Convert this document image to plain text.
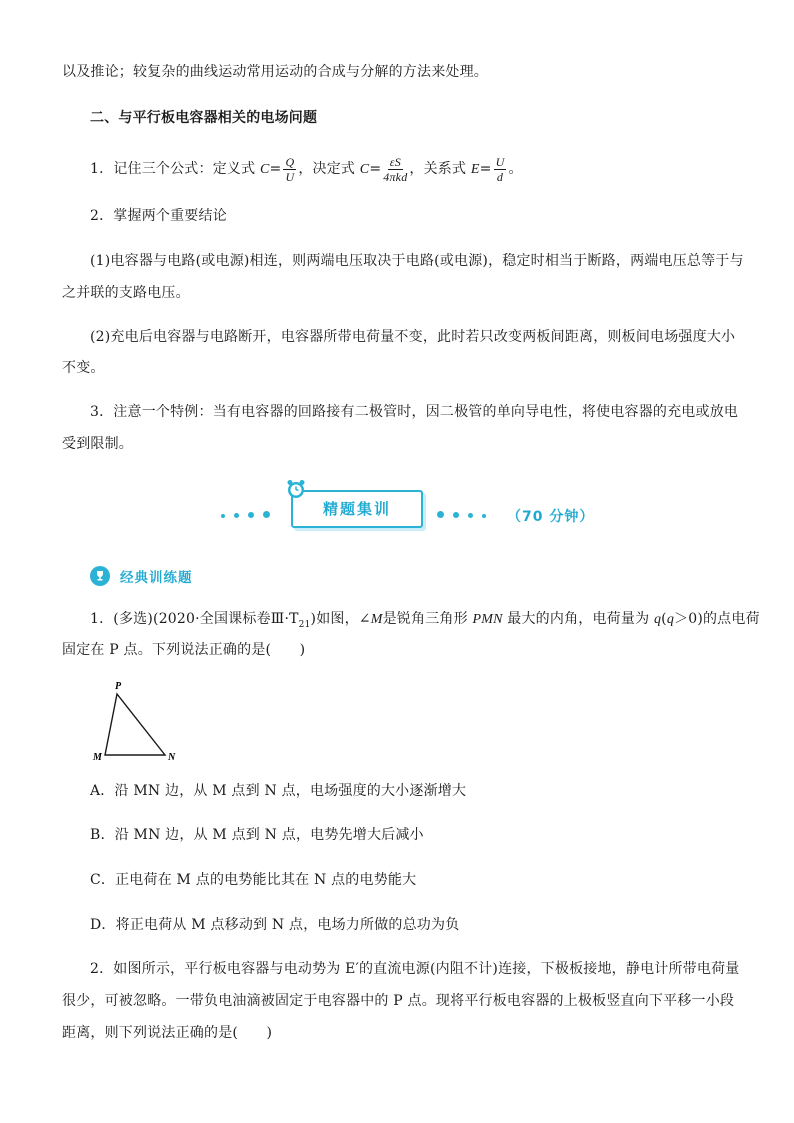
以及推论；较复杂的曲线运动常用运动的合成与分解的方法来处理。
二、与平行板电容器相关的电场问题
1．记住三个公式：定义式 $C= \frac{Q}{U}$ ，决定式 $C= \frac{\varepsilon S}{\text{4πkd}}$ ，关系式 $E= \frac{U}{d}$ 。
2．掌握两个重要结论
(1)电容器与电路(或电源)相连，则两端电压取决于电路(或电源)，稳定时相当于断路，两端电压总等于与
之并联的支路电压。
(2)充电后电容器与电路断开，电容器所带电荷量不变，此时若只改变两板间距离，则板间电场强度大小
不变。
3．注意一个特例：当有电容器的回路接有二极管时，因二极管的单向导电性，将使电容器的充电或放电
受到限制。
精题集训	（70 分钟）
经典训练题
1．(多选)(2020·全国课标卷$Ⅲ\cdot T_{21}$)如图，∠M是锐角三角形 PMN 最大的内角，电荷量为 q(q＞0)的点电荷
固定在 P 点。下列说法正确的是(　　)
P
M	N
A．沿 MN 边，从 M 点到 N 点，电场强度的大小逐渐增大
B．沿 MN 边，从 M 点到 N 点，电势先增大后减小
C．正电荷在 M 点的电势能比其在 N 点的电势能大
D．将正电荷从 M 点移动到 N 点，电场力所做的总功为负
2．如图所示，平行板电容器与电动势为 E′的直流电源(内阻不计)连接，下极板接地，静电计所带电荷量
很少，可被忽略。一带负电油滴被固定于电容器中的 P 点。现将平行板电容器的上极板竖直向下平移一小段
距离，则下列说法正确的是(　　)
